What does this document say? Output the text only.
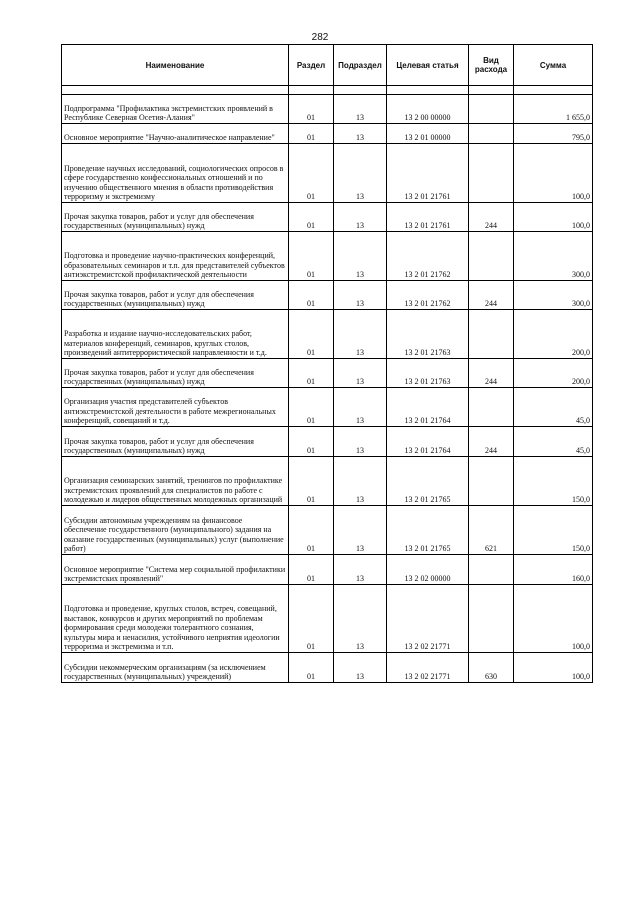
282
Наименование	Раздел	Подраздел	Целевая статья	Вид расхода	Сумма

Подпрограмма "Профилактика экстремистских проявлений в Республике Северная Осетия-Алания"	01	13	13 2 00 00000		1 655,0
Основное мероприятие "Научно-аналитическое направление"	01	13	13 2 01 00000		795,0
Проведение научных исследований, социологических опросов в сфере государственно конфессиональных отношений и по изучению общественного мнения в области противодействия терроризму и экстремизму	01	13	13 2 01 21761		100,0
Прочая закупка товаров, работ и услуг для обеспечения государственных (муниципальных) нужд	01	13	13 2 01 21761	244	100,0
Подготовка и проведение научно-практических конференций, образовательных семинаров и т.п. для представителей субъектов антиэкстремистской профилактической деятельности	01	13	13 2 01 21762		300,0
Прочая закупка товаров, работ и услуг для обеспечения государственных (муниципальных) нужд	01	13	13 2 01 21762	244	300,0
Разработка и издание научно-исследовательских работ, материалов конференций, семинаров, круглых столов, произведений антитеррористической направленности и т.д.	01	13	13 2 01 21763		200,0
Прочая закупка товаров, работ и услуг для обеспечения государственных (муниципальных) нужд	01	13	13 2 01 21763	244	200,0
Организация участия представителей субъектов антиэкстремистской деятельности в работе межрегиональных конференций, совещаний и т.д.	01	13	13 2 01 21764		45,0
Прочая закупка товаров, работ и услуг для обеспечения государственных (муниципальных) нужд	01	13	13 2 01 21764	244	45,0
Организация семинарских занятий, тренингов по профилактике экстремистских проявлений для специалистов по работе с молодежью и лидеров общественных молодежных организаций	01	13	13 2 01 21765		150,0
Субсидии автономным учреждениям на финансовое обеспечение государственного (муниципального) задания на оказание государственных (муниципальных) услуг (выполнение работ)	01	13	13 2 01 21765	621	150,0
Основное мероприятие "Система мер социальной профилактики экстремистских проявлений"	01	13	13 2 02 00000		160,0
Подготовка и проведение, круглых столов, встреч, совещаний, выставок, конкурсов и других мероприятий по проблемам формирования среди молодежи толерантного сознания, культуры мира и ненасилия, устойчивого неприятия идеологии терроризма и экстремизма и т.п.	01	13	13 2 02 21771		100,0
Субсидии некоммерческим организациям (за исключением государственных (муниципальных) учреждений)	01	13	13 2 02 21771	630	100,0
